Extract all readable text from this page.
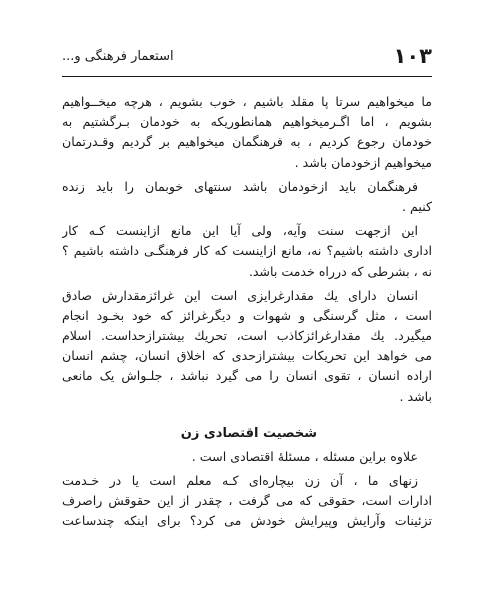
١٠٣
استعمار فرهنگی و...
ما میخواهیم سرتا پا مقلد باشیم ، خوب بشویم ، هرچه میخــواهیم
بشویم ، اما اگـرمیخواهیم همانطوریکه به خودمان بـرگشتیم به
خودمان رجوع کردیم ، به فرهنگمان میخواهیم بر گردیم وقـدرتمان
میخواهیم ازخودمان باشد .
فرهنگمان باید ازخودمان باشد سنتهای خوبمان را باید زنده
کنیم .
این ازجهت سنت وآیه، ولی آیا این مانع ازاینست کـه کار
اداری داشته باشیم؟ نه، مانع ازاینست که کار فرهنگـی داشته باشیم ؟
نه ، بشرطی که درراه خدمت باشد.
انسان دارای یك مقدارغرایزی است این غرائزمقدارش صادق
است ، مثل گرسنگی و شهوات و دیگرغرائز که خود بخـود انجام
میگیرد. یك مقدارغرائزکاذب است، تحریك بیشترازحداست. اسلام
می خواهد این تحریکات بیشترازحدی که اخلاق انسان، چشم انسان
اراده انسان ، تقوی انسان را می گیرد نباشد ، جلـواش یک مانعی
باشد .
شخصیت اقتصادی زن
علاوه براین مسئله ، مسئلهٔ اقتصادی است .
زنهای ما ، آن زن بیچاره‌ای کـه معلم است یا در خـدمت
ادارات است، حقوقی که می گرفت ، چقدر از این حقوقش راصرف
تزئینات وآرایش وپیرایش خودش می کرد؟ برای اینکه چندساعت
